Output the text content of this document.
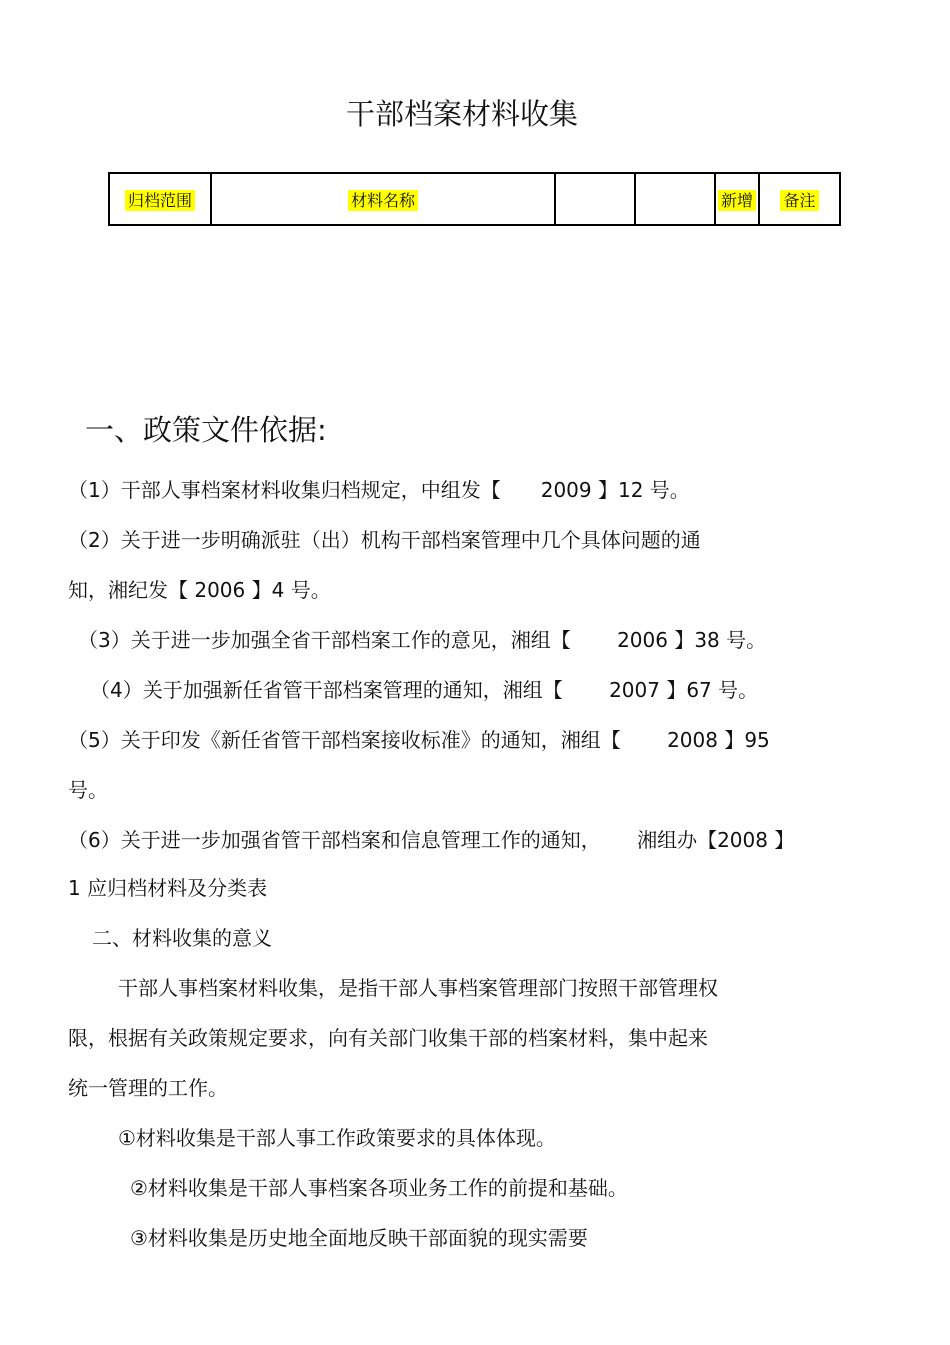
干部档案材料收集
归档范围	材料名称			新增	备注
一、政策文件依据:
（1）干部人事档案材料收集归档规定，中组发【　　2009 】12 号。
（2）关于进一步明确派驻（出）机构干部档案管理中几个具体问题的通
知，湘纪发【 2006 】4 号。
（3）关于进一步加强全省干部档案工作的意见，湘组【　　 2006 】38 号。
（4）关于加强新任省管干部档案管理的通知，湘组【　　 2007 】67 号。
（5）关于印发《新任省管干部档案接收标准》的通知，湘组【　　 2008 】95
号。
（6）关于进一步加强省管干部档案和信息管理工作的通知，　　 湘组办【2008 】
1 应归档材料及分类表
二、材料收集的意义
干部人事档案材料收集，是指干部人事档案管理部门按照干部管理权
限，根据有关政策规定要求，向有关部门收集干部的档案材料，集中起来
统一管理的工作。
①材料收集是干部人事工作政策要求的具体体现。
②材料收集是干部人事档案各项业务工作的前提和基础。
③材料收集是历史地全面地反映干部面貌的现实需要
